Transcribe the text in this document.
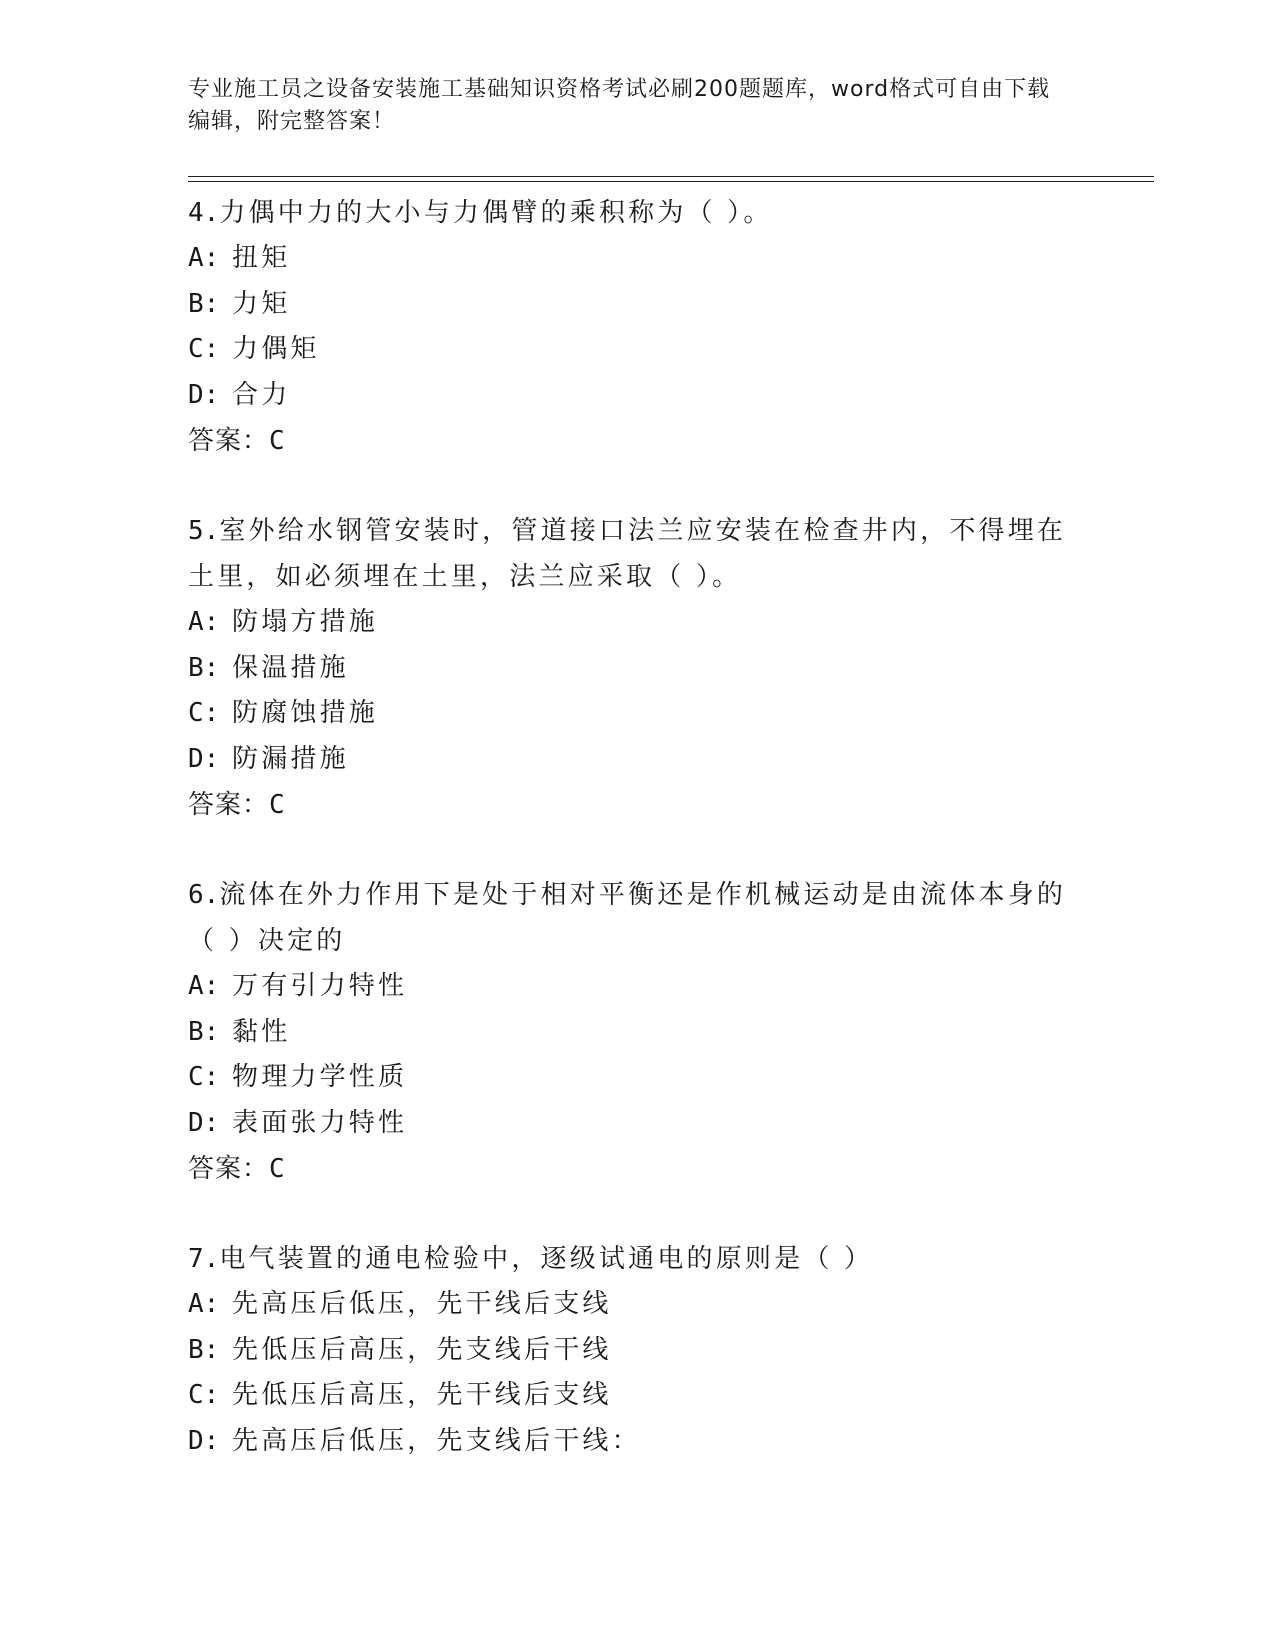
专业施工员之设备安装施工基础知识资格考试必刷200题题库，word格式可自由下载编辑，附完整答案！
4.力偶中力的大小与力偶臂的乘积称为（ ）。
A: 扭矩
B: 力矩
C: 力偶矩
D: 合力
答案：C
5.室外给水钢管安装时，管道接口法兰应安装在检查井内，不得埋在
土里，如必须埋在土里，法兰应采取（ ）。
A: 防塌方措施
B: 保温措施
C: 防腐蚀措施
D: 防漏措施
答案：C
6.流体在外力作用下是处于相对平衡还是作机械运动是由流体本身的
（ ）决定的
A: 万有引力特性
B: 黏性
C: 物理力学性质
D: 表面张力特性
答案：C
7.电气装置的通电检验中，逐级试通电的原则是（ ）
A: 先高压后低压，先干线后支线
B: 先低压后高压，先支线后干线
C: 先低压后高压，先干线后支线
D: 先高压后低压，先支线后干线：
